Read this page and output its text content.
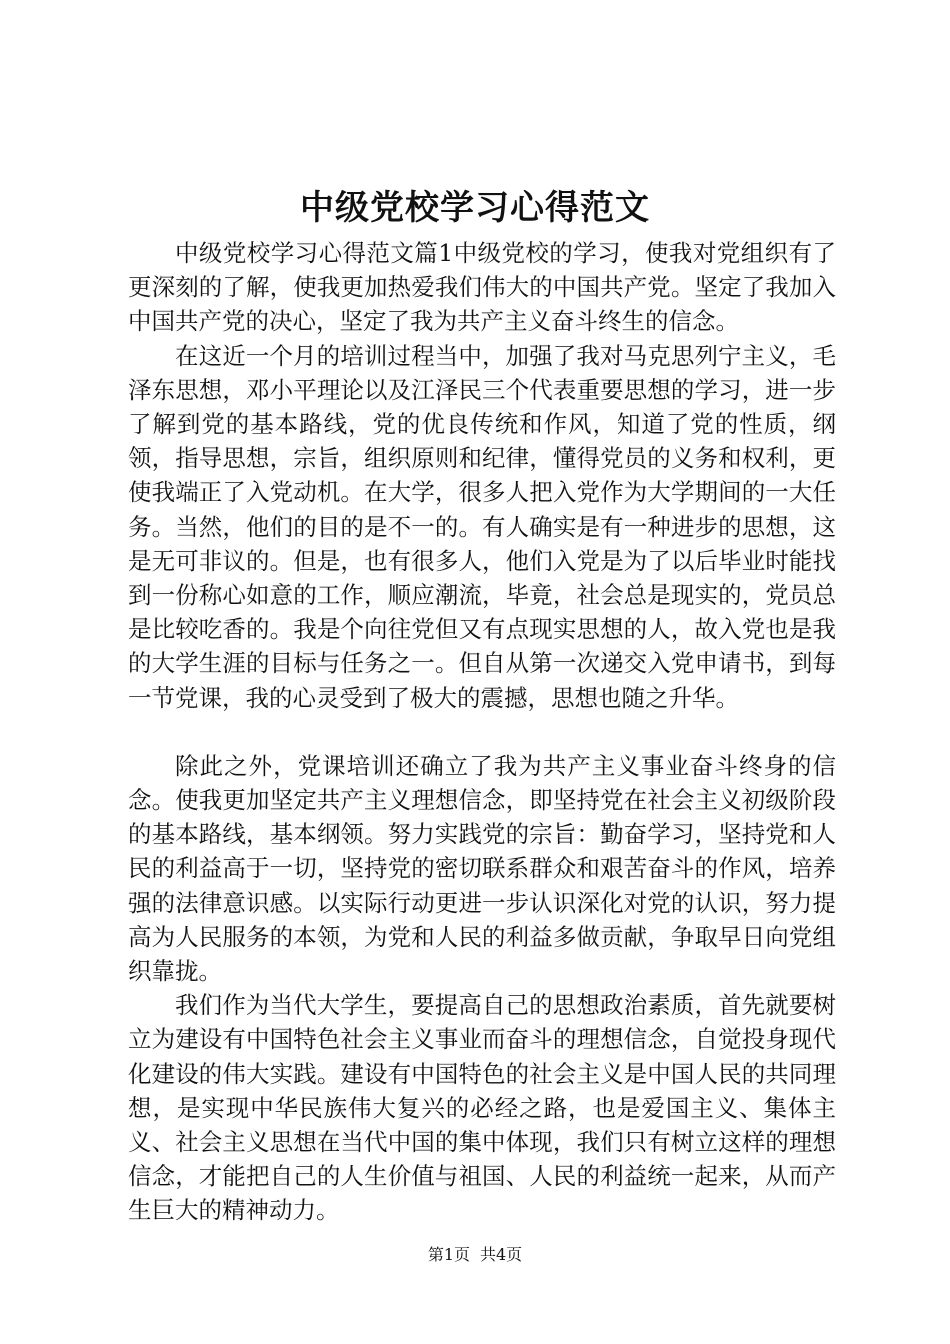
中级党校学习心得范文

中级党校学习心得范文篇1中级党校的学习，使我对党组织有了更深刻的了解，使我更加热爱我们伟大的中国共产党。坚定了我加入中国共产党的决心，坚定了我为共产主义奋斗终生的信念。

在这近一个月的培训过程当中，加强了我对马克思列宁主义，毛泽东思想，邓小平理论以及江泽民三个代表重要思想的学习，进一步了解到党的基本路线，党的优良传统和作风，知道了党的性质，纲领，指导思想，宗旨，组织原则和纪律，懂得党员的义务和权利，更使我端正了入党动机。在大学，很多人把入党作为大学期间的一大任务。当然，他们的目的是不一的。有人确实是有一种进步的思想，这是无可非议的。但是，也有很多人，他们入党是为了以后毕业时能找到一份称心如意的工作，顺应潮流，毕竟，社会总是现实的，党员总是比较吃香的。我是个向往党但又有点现实思想的人，故入党也是我的大学生涯的目标与任务之一。但自从第一次递交入党申请书，到每一节党课，我的心灵受到了极大的震撼，思想也随之升华。

除此之外，党课培训还确立了我为共产主义事业奋斗终身的信念。使我更加坚定共产主义理想信念，即坚持党在社会主义初级阶段的基本路线，基本纲领。努力实践党的宗旨：勤奋学习，坚持党和人民的利益高于一切，坚持党的密切联系群众和艰苦奋斗的作风，培养强的法律意识感。以实际行动更进一步认识深化对党的认识，努力提高为人民服务的本领，为党和人民的利益多做贡献，争取早日向党组织靠拢。

我们作为当代大学生，要提高自己的思想政治素质，首先就要树立为建设有中国特色社会主义事业而奋斗的理想信念，自觉投身现代化建设的伟大实践。建设有中国特色的社会主义是中国人民的共同理想，是实现中华民族伟大复兴的必经之路，也是爱国主义、集体主义、社会主义思想在当代中国的集中体现，我们只有树立这样的理想信念，才能把自己的人生价值与祖国、人民的利益统一起来，从而产生巨大的精神动力。

第1页 共4页
